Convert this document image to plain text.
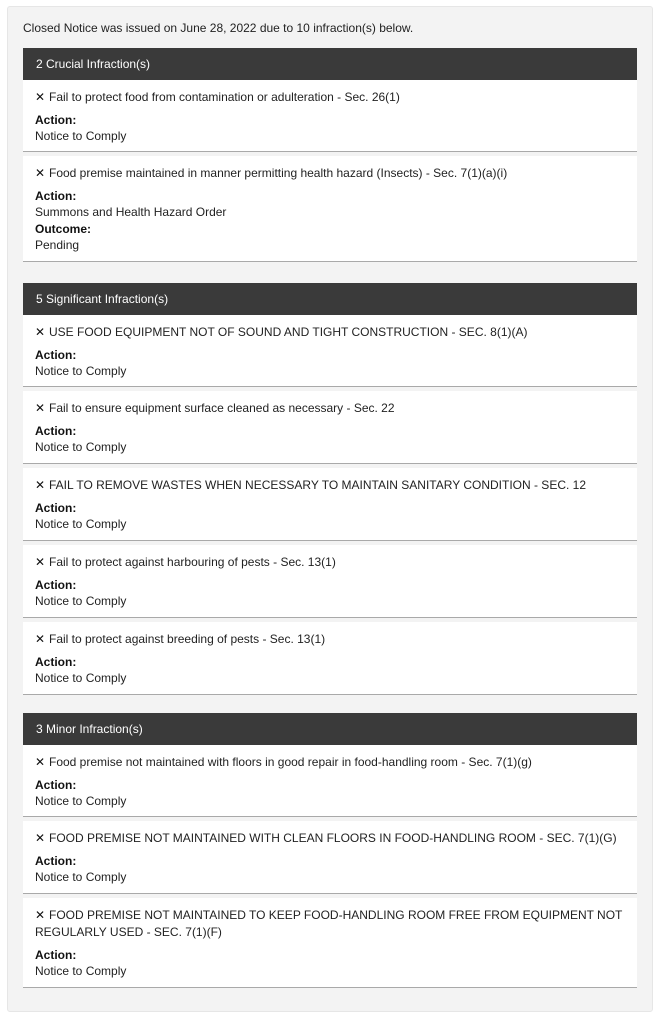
Closed Notice was issued on June 28, 2022 due to 10 infraction(s) below.
2 Crucial Infraction(s)
✕ Fail to protect food from contamination or adulteration - Sec. 26(1)
Action:
Notice to Comply
✕ Food premise maintained in manner permitting health hazard (Insects) - Sec. 7(1)(a)(i)
Action:
Summons and Health Hazard Order
Outcome:
Pending
5 Significant Infraction(s)
✕ USE FOOD EQUIPMENT NOT OF SOUND AND TIGHT CONSTRUCTION - SEC. 8(1)(A)
Action:
Notice to Comply
✕ Fail to ensure equipment surface cleaned as necessary - Sec. 22
Action:
Notice to Comply
✕ FAIL TO REMOVE WASTES WHEN NECESSARY TO MAINTAIN SANITARY CONDITION - SEC. 12
Action:
Notice to Comply
✕ Fail to protect against harbouring of pests - Sec. 13(1)
Action:
Notice to Comply
✕ Fail to protect against breeding of pests - Sec. 13(1)
Action:
Notice to Comply
3 Minor Infraction(s)
✕ Food premise not maintained with floors in good repair in food-handling room - Sec. 7(1)(g)
Action:
Notice to Comply
✕ FOOD PREMISE NOT MAINTAINED WITH CLEAN FLOORS IN FOOD-HANDLING ROOM - SEC. 7(1)(G)
Action:
Notice to Comply
✕ FOOD PREMISE NOT MAINTAINED TO KEEP FOOD-HANDLING ROOM FREE FROM EQUIPMENT NOT REGULARLY USED - SEC. 7(1)(F)
Action:
Notice to Comply
